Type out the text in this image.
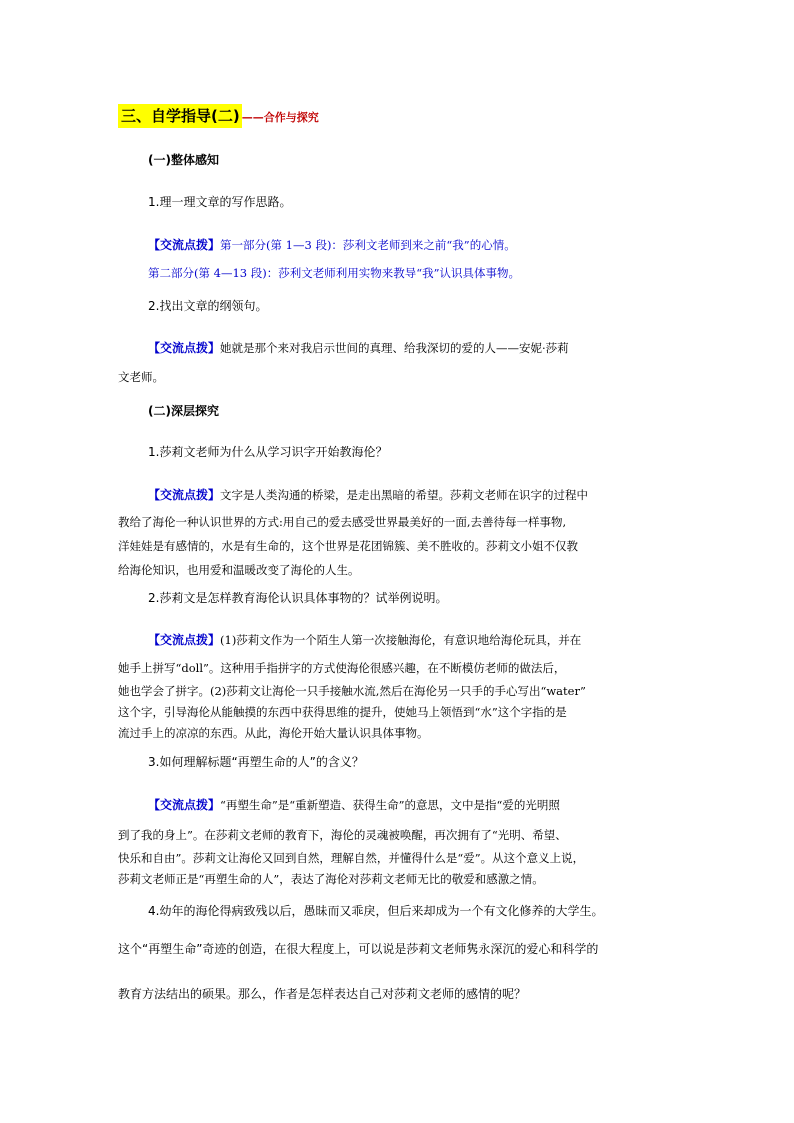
三、自学指导(二) ——合作与探究
(一)整体感知
1.理一理文章的写作思路。
【交流点拨】第一部分(第 1—3 段)：莎利文老师到来之前“我”的心情。
第二部分(第 4—13 段)：莎利文老师利用实物来教导“我”认识具体事物。
2.找出文章的纲领句。
【交流点拨】她就是那个来对我启示世间的真理、给我深切的爱的人——安妮·莎莉
文老师。
(二)深层探究
1.莎莉文老师为什么从学习识字开始教海伦？
【交流点拨】文字是人类沟通的桥梁，是走出黑暗的希望。莎莉文老师在识字的过程中
教给了海伦一种认识世界的方式:用自己的爱去感受世界最美好的一面,去善待每一样事物,
洋娃娃是有感情的，水是有生命的，这个世界是花团锦簇、美不胜收的。莎莉文小姐不仅教
给海伦知识，也用爱和温暖改变了海伦的人生。
2.莎莉文是怎样教育海伦认识具体事物的？试举例说明。
【交流点拨】(1)莎莉文作为一个陌生人第一次接触海伦，有意识地给海伦玩具，并在
她手上拼写“doll”。这种用手指拼字的方式使海伦很感兴趣，在不断模仿老师的做法后，
她也学会了拼字。(2)莎莉文让海伦一只手接触水流,然后在海伦另一只手的手心写出“water”
这个字，引导海伦从能触摸的东西中获得思维的提升，使她马上领悟到“水”这个字指的是
流过手上的凉凉的东西。从此，海伦开始大量认识具体事物。
3.如何理解标题“再塑生命的人”的含义？
【交流点拨】“再塑生命”是“重新塑造、获得生命”的意思，文中是指“爱的光明照
到了我的身上”。在莎莉文老师的教育下，海伦的灵魂被唤醒，再次拥有了“光明、希望、
快乐和自由”。莎莉文让海伦又回到自然，理解自然，并懂得什么是“爱”。从这个意义上说，
莎莉文老师正是“再塑生命的人”，表达了海伦对莎莉文老师无比的敬爱和感激之情。
4.幼年的海伦得病致残以后，愚昧而又乖戾，但后来却成为一个有文化修养的大学生。
这个“再塑生命”奇迹的创造，在很大程度上，可以说是莎莉文老师隽永深沉的爱心和科学的
教育方法结出的硕果。那么，作者是怎样表达自己对莎莉文老师的感情的呢？
